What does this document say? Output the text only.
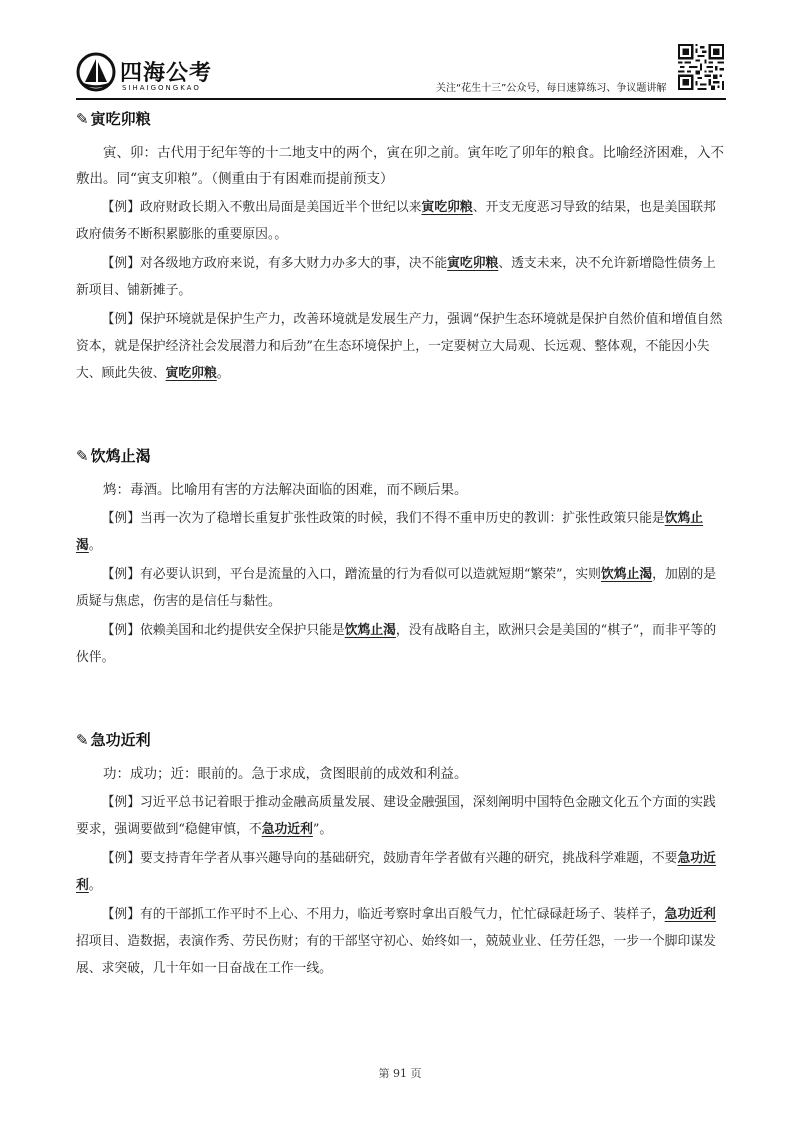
四海公考
SIHAIGONGKAO	关注“花生十三”公众号，每日速算练习、争议题讲解
✎ 寅吃卯粮

寅、卯：古代用于纪年等的十二地支中的两个，寅在卯之前。寅年吃了卯年的粮食。比喻经济困难，入不敷出。同“寅支卯粮”。（侧重由于有困难而提前预支）

【例】政府财政长期入不敷出局面是美国近半个世纪以来寅吃卯粮、开支无度恶习导致的结果，也是美国联邦政府债务不断积累膨胀的重要原因。。

【例】对各级地方政府来说，有多大财力办多大的事，决不能寅吃卯粮、透支未来，决不允许新增隐性债务上新项目、铺新摊子。

【例】保护环境就是保护生产力，改善环境就是发展生产力，强调“保护生态环境就是保护自然价值和增值自然资本，就是保护经济社会发展潜力和后劲”在生态环境保护上，一定要树立大局观、长远观、整体观，不能因小失大、顾此失彼、寅吃卯粮。

✎ 饮鸩止渴

鸩：毒酒。比喻用有害的方法解决面临的困难，而不顾后果。

【例】当再一次为了稳增长重复扩张性政策的时候，我们不得不重申历史的教训：扩张性政策只能是饮鸩止渴。

【例】有必要认识到，平台是流量的入口，蹭流量的行为看似可以造就短期“繁荣”，实则饮鸩止渴，加剧的是质疑与焦虑，伤害的是信任与黏性。

【例】依赖美国和北约提供安全保护只能是饮鸩止渴，没有战略自主，欧洲只会是美国的“棋子”，而非平等的伙伴。

✎ 急功近利

功：成功；近：眼前的。急于求成，贪图眼前的成效和利益。

【例】习近平总书记着眼于推动金融高质量发展、建设金融强国，深刻阐明中国特色金融文化五个方面的实践要求，强调要做到“稳健审慎，不急功近利”。

【例】要支持青年学者从事兴趣导向的基础研究，鼓励青年学者做有兴趣的研究，挑战科学难题，不要急功近利。

【例】有的干部抓工作平时不上心、不用力，临近考察时拿出百般气力，忙忙碌碌赶场子、装样子，急功近利招项目、造数据，表演作秀、劳民伤财；有的干部坚守初心、始终如一，兢兢业业、任劳任怨，一步一个脚印谋发展、求突破，几十年如一日奋战在工作一线。

第 91 页
